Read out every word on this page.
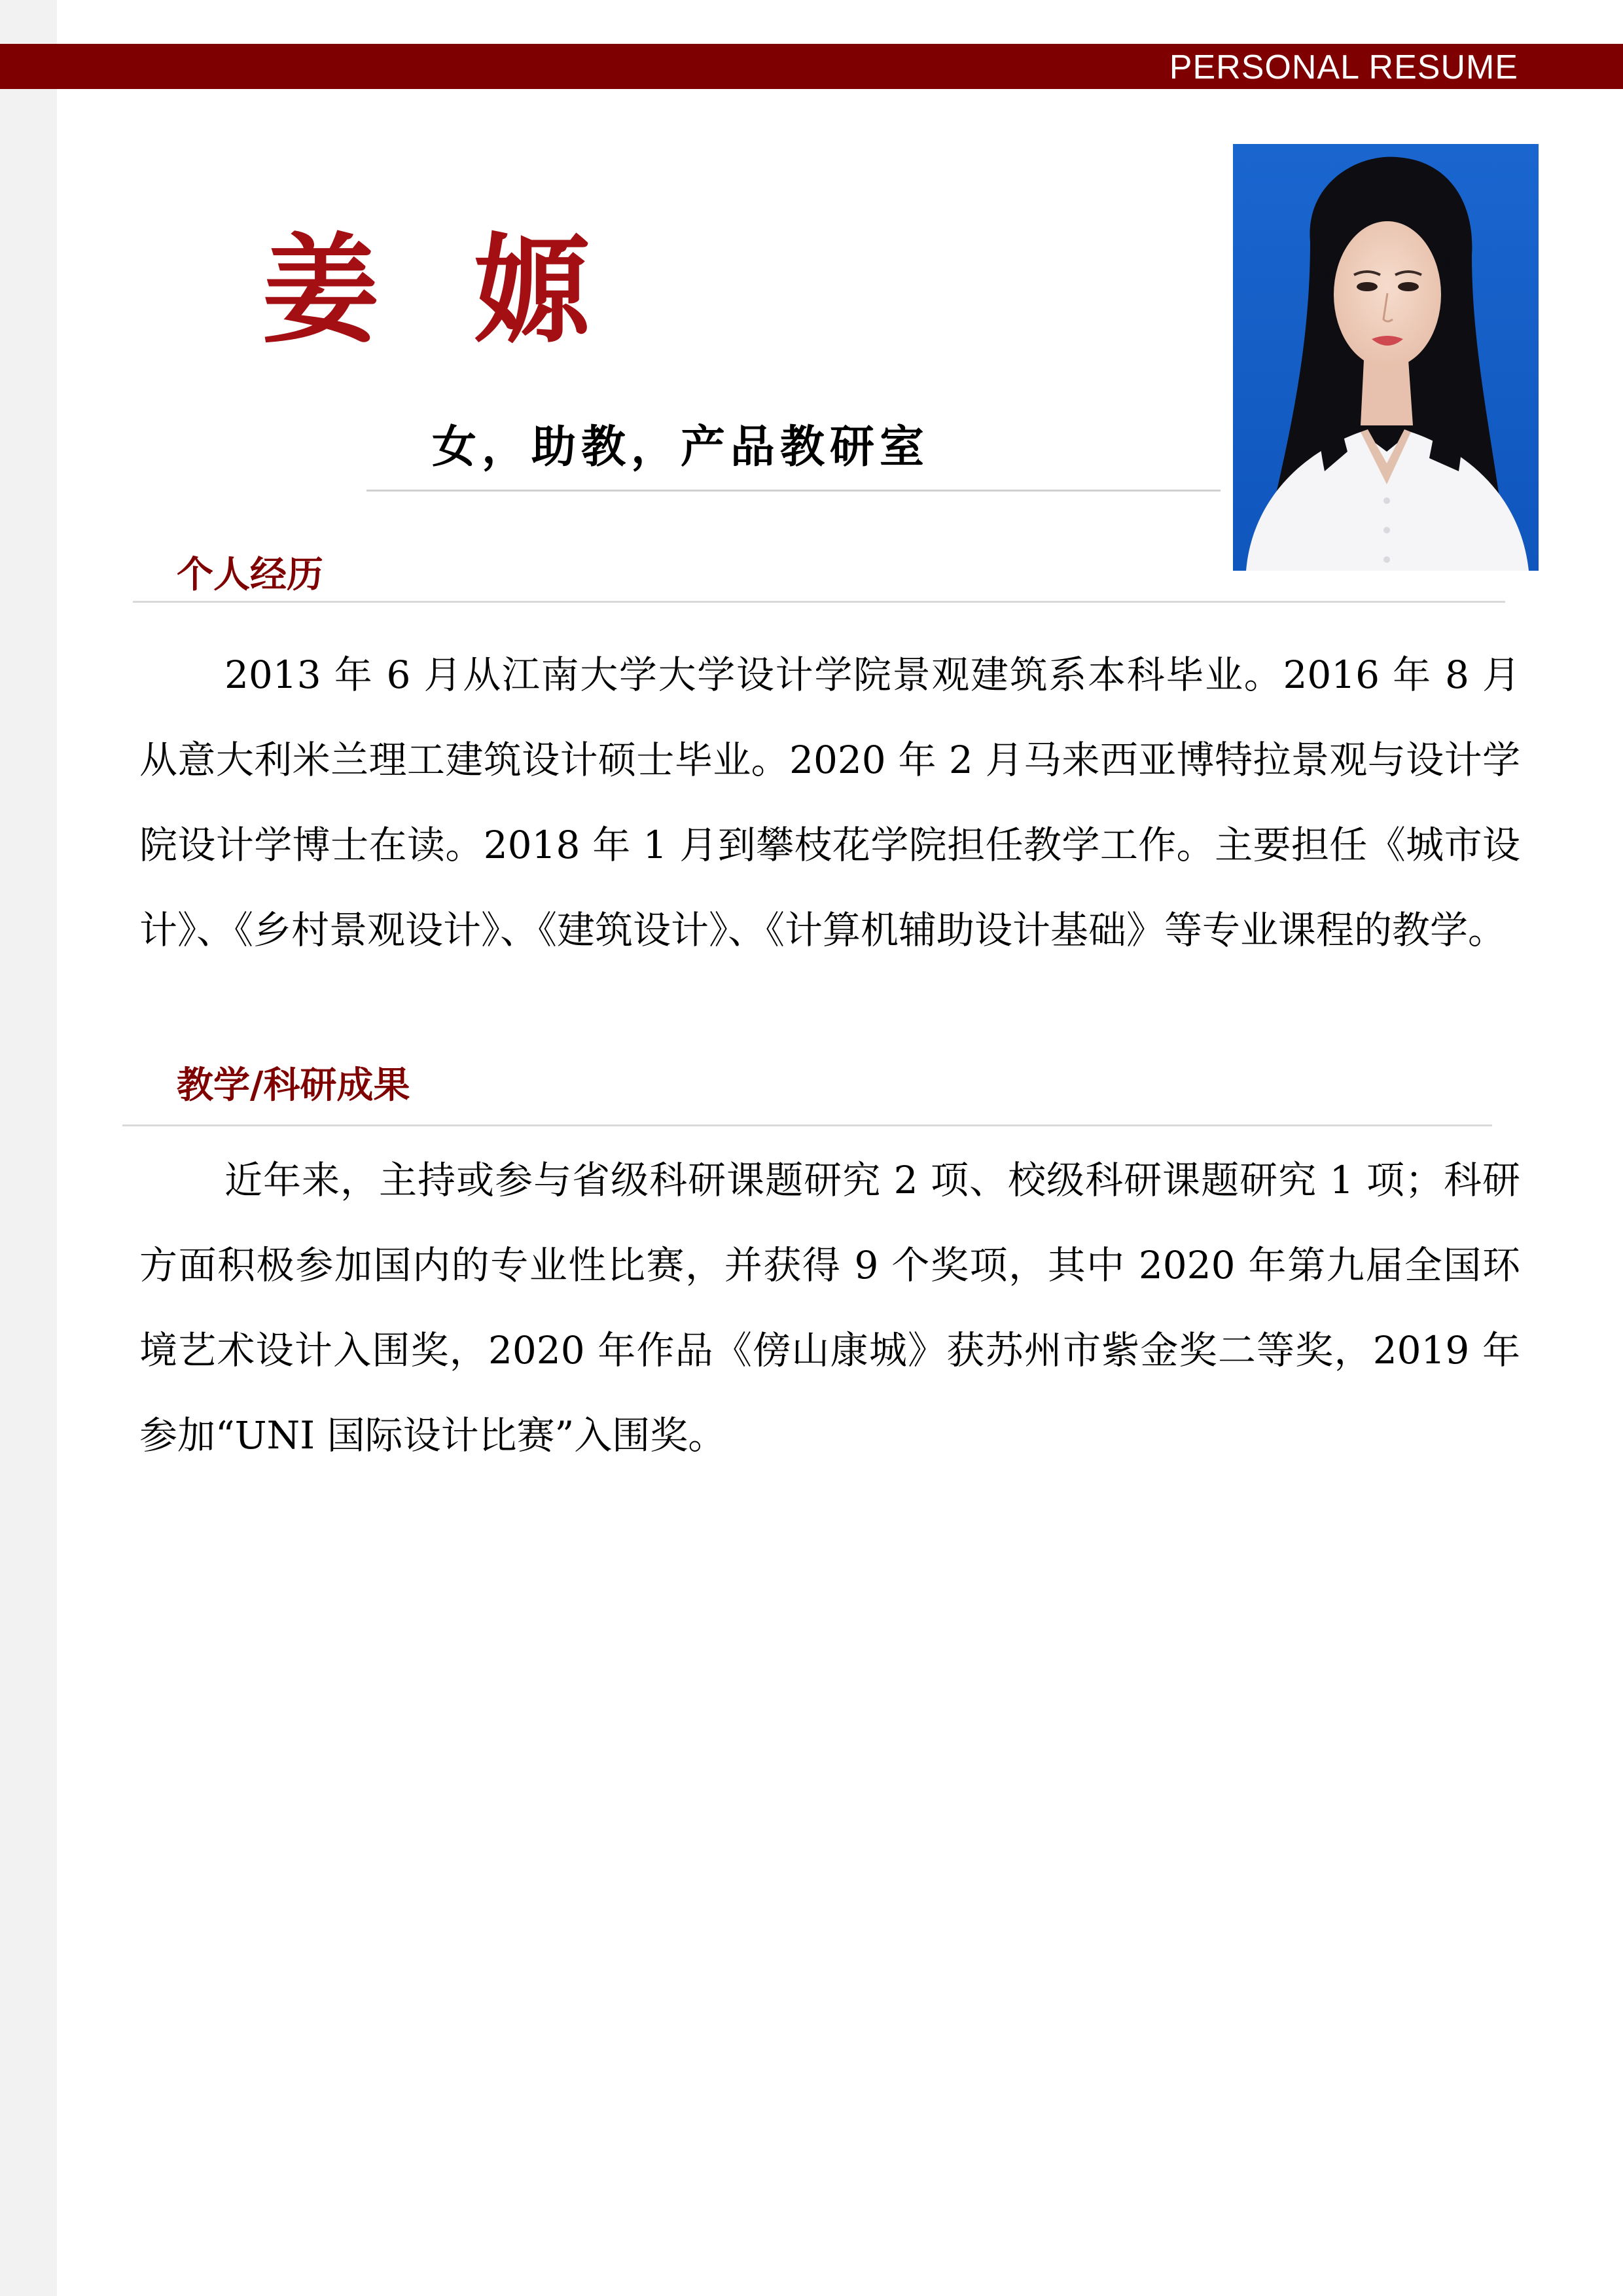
PERSONAL RESUME
姜 嫄
女，助教，产品教研室
个人经历

2013 年 6 月从江南大学大学设计学院景观建筑系本科毕业。2016 年 8 月从意大利米兰理工建筑设计硕士毕业。2020 年 2 月马来西亚博特拉景观与设计学院设计学博士在读。2018 年 1 月到攀枝花学院担任教学工作。主要担任《城市设计》、《乡村景观设计》、《建筑设计》、《计算机辅助设计基础》等专业课程的教学。

教学/科研成果

近年来，主持或参与省级科研课题研究 2 项、校级科研课题研究 1 项；科研方面积极参加国内的专业性比赛，并获得 9 个奖项，其中 2020 年第九届全国环境艺术设计入围奖，2020 年作品《傍山康城》获苏州市紫金奖二等奖，2019 年参加“UNI 国际设计比赛”入围奖。
